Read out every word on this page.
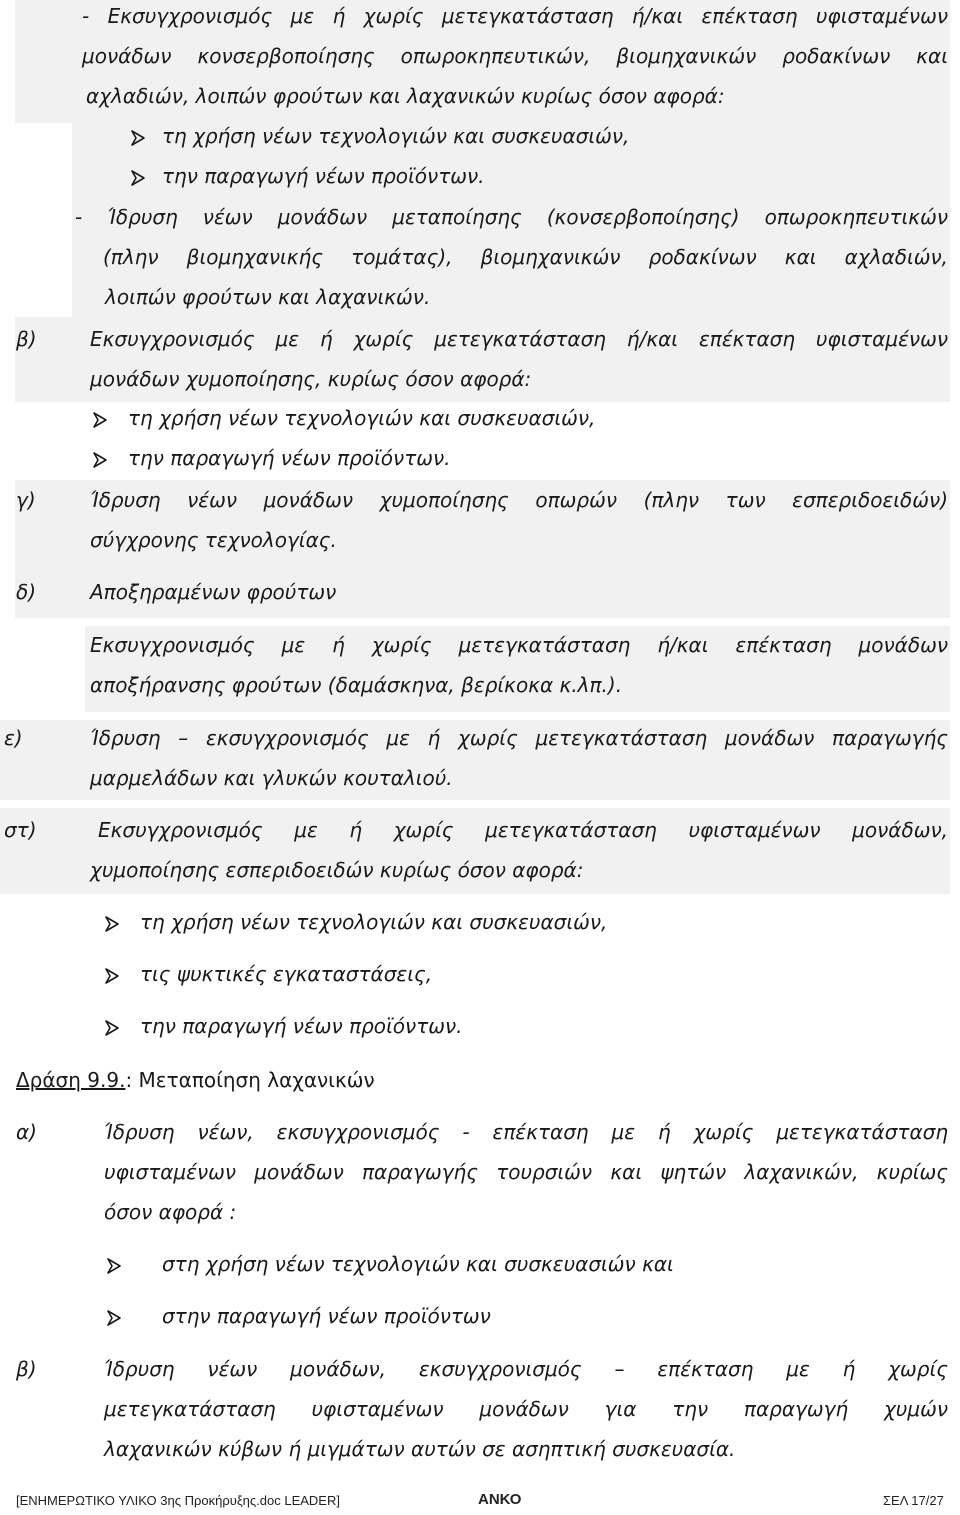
- Εκσυγχρονισμός με ή χωρίς μετεγκατάσταση ή/και επέκταση υφισταμένων
μονάδων κονσερβοποίησης οπωροκηπευτικών, βιομηχανικών ροδακίνων και
αχλαδιών, λοιπών φρούτων και λαχανικών κυρίως όσον αφορά:
τη χρήση νέων τεχνολογιών και συσκευασιών,
την παραγωγή νέων προϊόντων.
- Ίδρυση νέων μονάδων μεταποίησης (κονσερβοποίησης) οπωροκηπευτικών
(πλην βιομηχανικής τομάτας), βιομηχανικών ροδακίνων και αχλαδιών,
λοιπών φρούτων και λαχανικών.
β)	Εκσυγχρονισμός με ή χωρίς μετεγκατάσταση ή/και επέκταση υφισταμένων
μονάδων χυμοποίησης, κυρίως όσον αφορά:
τη χρήση νέων τεχνολογιών και συσκευασιών,
την παραγωγή νέων προϊόντων.
γ)	Ίδρυση νέων μονάδων χυμοποίησης οπωρών (πλην των εσπεριδοειδών)
σύγχρονης τεχνολογίας.
δ)	Αποξηραμένων φρούτων
Εκσυγχρονισμός με ή χωρίς μετεγκατάσταση ή/και επέκταση μονάδων
αποξήρανσης φρούτων (δαμάσκηνα, βερίκοκα κ.λπ.).
ε)	Ίδρυση – εκσυγχρονισμός με ή χωρίς μετεγκατάσταση μονάδων παραγωγής
μαρμελάδων και γλυκών κουταλιού.
στ)	Εκσυγχρονισμός με ή χωρίς μετεγκατάσταση υφισταμένων μονάδων,
χυμοποίησης εσπεριδοειδών κυρίως όσον αφορά:
τη χρήση νέων τεχνολογιών και συσκευασιών,
τις ψυκτικές εγκαταστάσεις,
την παραγωγή νέων προϊόντων.
Δράση 9.9.: Μεταποίηση λαχανικών
α)	Ίδρυση νέων, εκσυγχρονισμός - επέκταση με ή χωρίς μετεγκατάσταση
υφισταμένων μονάδων παραγωγής τουρσιών και ψητών λαχανικών, κυρίως
όσον αφορά :
στη χρήση νέων τεχνολογιών και συσκευασιών και
στην παραγωγή νέων προϊόντων
β)	Ίδρυση νέων μονάδων, εκσυγχρονισμός – επέκταση με ή χωρίς
μετεγκατάσταση υφισταμένων μονάδων για την παραγωγή χυμών
λαχανικών κύβων ή μιγμάτων αυτών σε ασηπτική συσκευασία.
[ΕΝΗΜΕΡΩΤΙΚΟ ΥΛΙΚΟ 3ης Προκήρυξης.doc LEADER]	ΑΝΚΟ	ΣΕΛ 17/27
